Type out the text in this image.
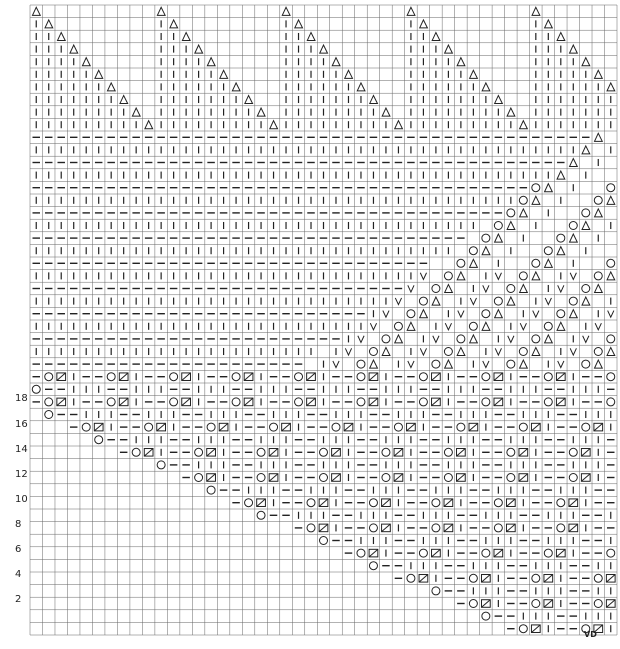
18
16
14
12
10
8
6
4
2
VD
